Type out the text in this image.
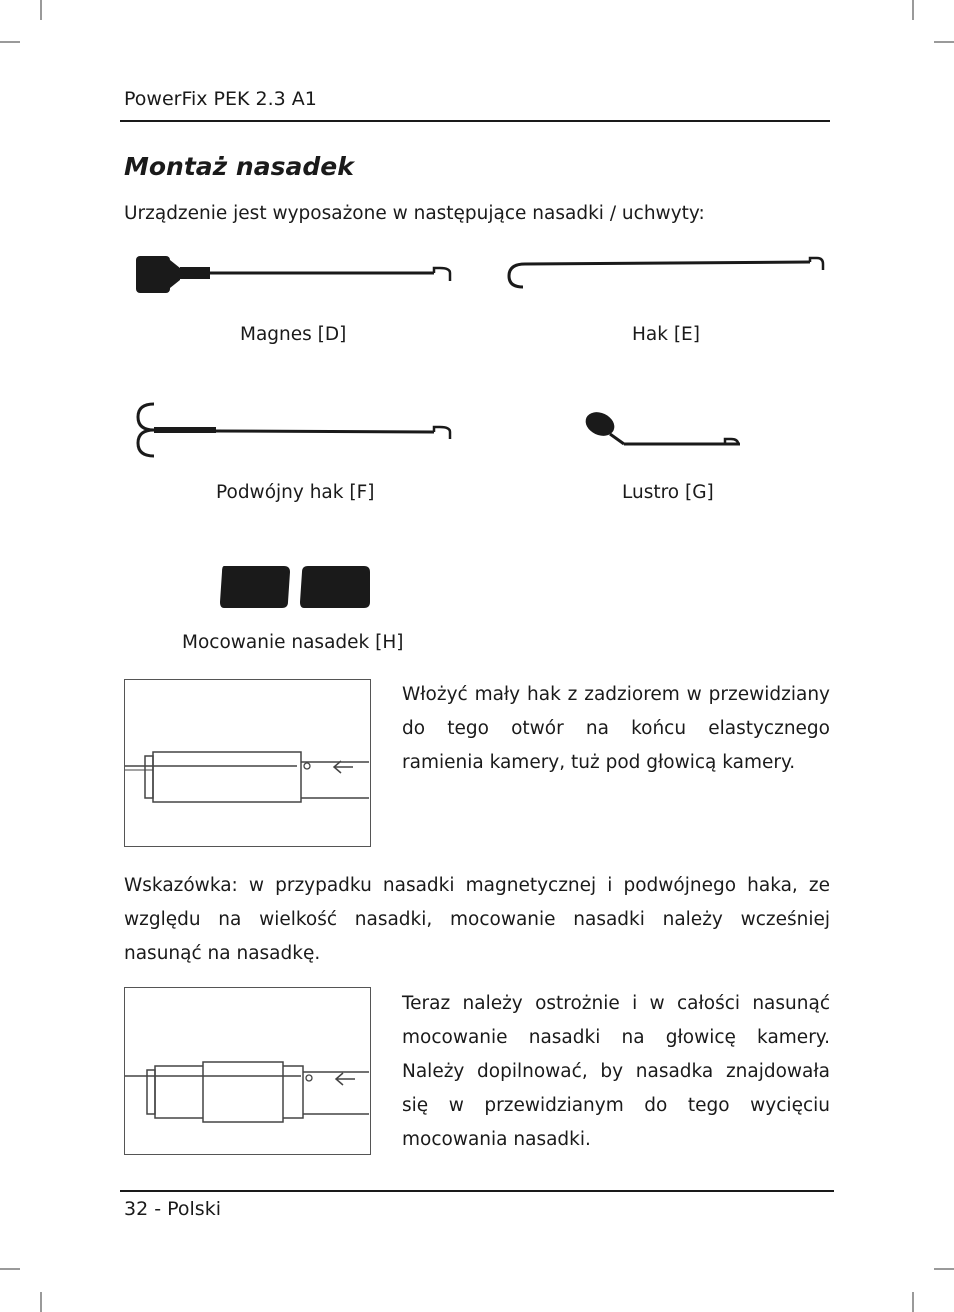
PowerFix PEK 2.3 A1
Montaż nasadek
Urządzenie jest wyposażone w następujące nasadki / uchwyty:
Magnes [D]	Hak [E]
Podwójny hak [F]	Lustro [G]
Mocowanie nasadek [H]
Włożyć mały hak z zadziorem w przewidziany do tego otwór na końcu elastycznego ramienia kamery, tuż pod głowicą kamery.
Wskazówka: w przypadku nasadki magnetycznej i podwójnego haka, ze względu na wielkość nasadki, mocowanie nasadki należy wcześniej nasunąć na nasadkę.
Teraz należy ostrożnie i w całości nasunąć mocowanie nasadki na głowicę kamery. Należy dopilnować, by nasadka znajdowała się w przewidzianym do tego wycięciu mocowania nasadki.
32 - Polski
